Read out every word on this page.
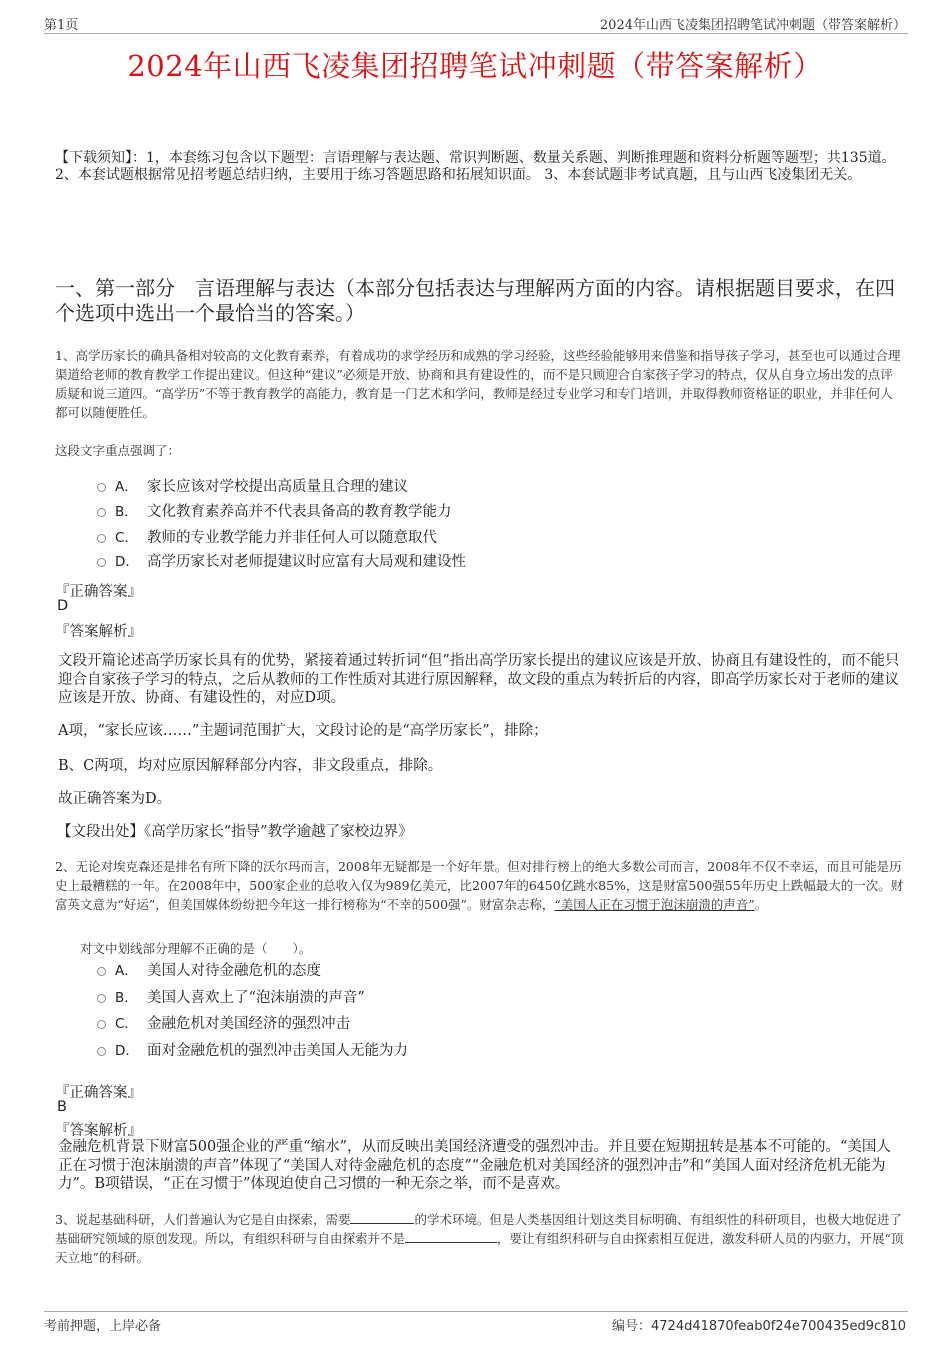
第1页	2024年山西飞凌集团招聘笔试冲刺题（带答案解析）
2024年山西飞凌集团招聘笔试冲刺题（带答案解析）
【下载须知】：1，本套练习包含以下题型：言语理解与表达题、常识判断题、数量关系题、判断推理题和资料分析题等题型；共135道。 2、本套试题根据常见招考题总结归纳，主要用于练习答题思路和拓展知识面。 3、本套试题非考试真题，且与山西飞凌集团无关。
一、第一部分　言语理解与表达（本部分包括表达与理解两方面的内容。请根据题目要求，在四个选项中选出一个最恰当的答案。）
1、高学历家长的确具备相对较高的文化教育素养，有着成功的求学经历和成熟的学习经验，这些经验能够用来借鉴和指导孩子学习，甚至也可以通过合理渠道给老师的教育教学工作提出建议。但这种“建议”必须是开放、协商和具有建设性的，而不是只顾迎合自家孩子学习的特点，仅从自身立场出发的点评质疑和说三道四。“高学历”不等于教育教学的高能力，教育是一门艺术和学问，教师是经过专业学习和专门培训，并取得教师资格证的职业，并非任何人都可以随便胜任。
这段文字重点强调了：
A． 家长应该对学校提出高质量且合理的建议
B． 文化教育素养高并不代表具备高的教育教学能力
C． 教师的专业教学能力并非任何人可以随意取代
D． 高学历家长对老师提建议时应富有大局观和建设性
『正确答案』
D
『答案解析』
文段开篇论述高学历家长具有的优势，紧接着通过转折词“但”指出高学历家长提出的建议应该是开放、协商且有建设性的，而不能只迎合自家孩子学习的特点，之后从教师的工作性质对其进行原因解释，故文段的重点为转折后的内容，即高学历家长对于老师的建议应该是开放、协商、有建设性的，对应D项。
A项，“家长应该……”主题词范围扩大，文段讨论的是“高学历家长”，排除；
B、C两项，均对应原因解释部分内容，非文段重点，排除。
故正确答案为D。
【文段出处】《高学历家长“指导”教学逾越了家校边界》
2、无论对埃克森还是排名有所下降的沃尔玛而言，2008年无疑都是一个好年景。但对排行榜上的绝大多数公司而言，2008年不仅不幸运，而且可能是历史上最糟糕的一年。在2008年中，500家企业的总收入仅为989亿美元，比2007年的6450亿跳水85%，这是财富500强55年历史上跌幅最大的一次。财富英文意为“好运”，但美国媒体纷纷把今年这一排行榜称为“不幸的500强”。财富杂志称，“美国人正在习惯于泡沫崩溃的声音”。
对文中划线部分理解不正确的是（　　）。
A． 美国人对待金融危机的态度
B． 美国人喜欢上了“泡沫崩溃的声音”
C． 金融危机对美国经济的强烈冲击
D． 面对金融危机的强烈冲击美国人无能为力
『正确答案』
B
『答案解析』
金融危机背景下财富500强企业的严重“缩水”，从而反映出美国经济遭受的强烈冲击。并且要在短期扭转是基本不可能的。“美国人正在习惯于泡沫崩溃的声音”体现了“美国人对待金融危机的态度”“金融危机对美国经济的强烈冲击”和“美国人面对经济危机无能为力”。B项错误，“正在习惯于”体现迫使自己习惯的一种无奈之举，而不是喜欢。
3、说起基础科研，人们普遍认为它是自由探索，需要	的学术环境。但是人类基因组计划这类目标明确、有组织性的科研项目，也极大地促进了基础研究领域的原创发现。所以，有组织科研与自由探索并不是	，要让有组织科研与自由探索相互促进，激发科研人员的内驱力，开展“顶天立地”的科研。
考前押题，上岸必备	编号：4724d41870feab0f24e700435ed9c810
